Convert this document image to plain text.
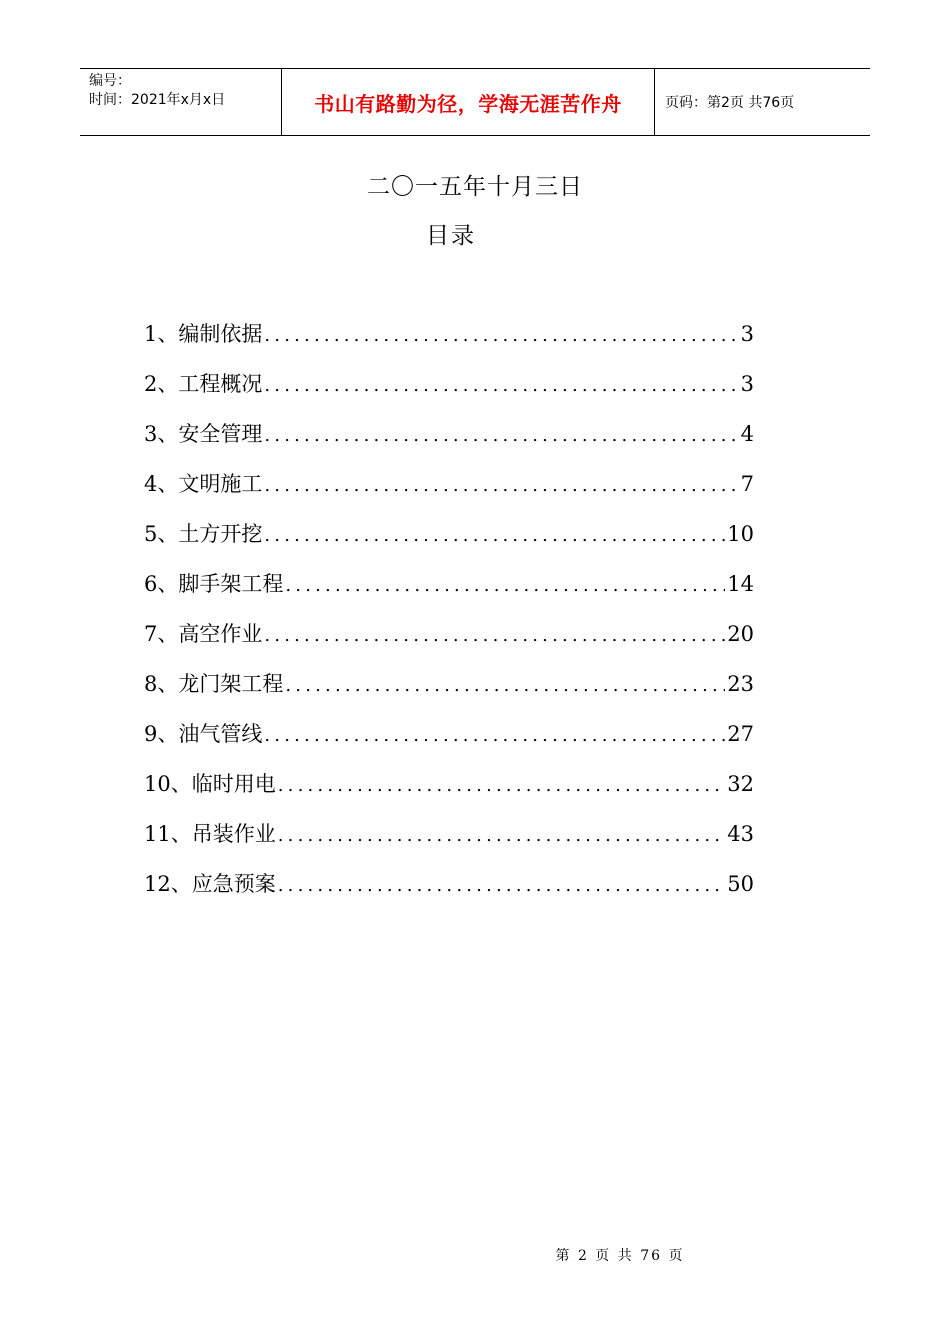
编号：
时间：2021年x月x日	书山有路勤为径，学海无涯苦作舟	页码：第2页 共76页
二〇一五年十月三日
目录
1、编制依据 .....	3
2、工程概况 .....	3
3、安全管理 .....	4
4、文明施工 .....	7
5、土方开挖 .....	10
6、脚手架工程 .....	14
7、高空作业 .....	20
8、龙门架工程 .....	23
9、油气管线 .....	27
10、临时用电 .....	32
11、吊装作业 .....	43
12、应急预案 .....	50
第 2 页 共 76 页
